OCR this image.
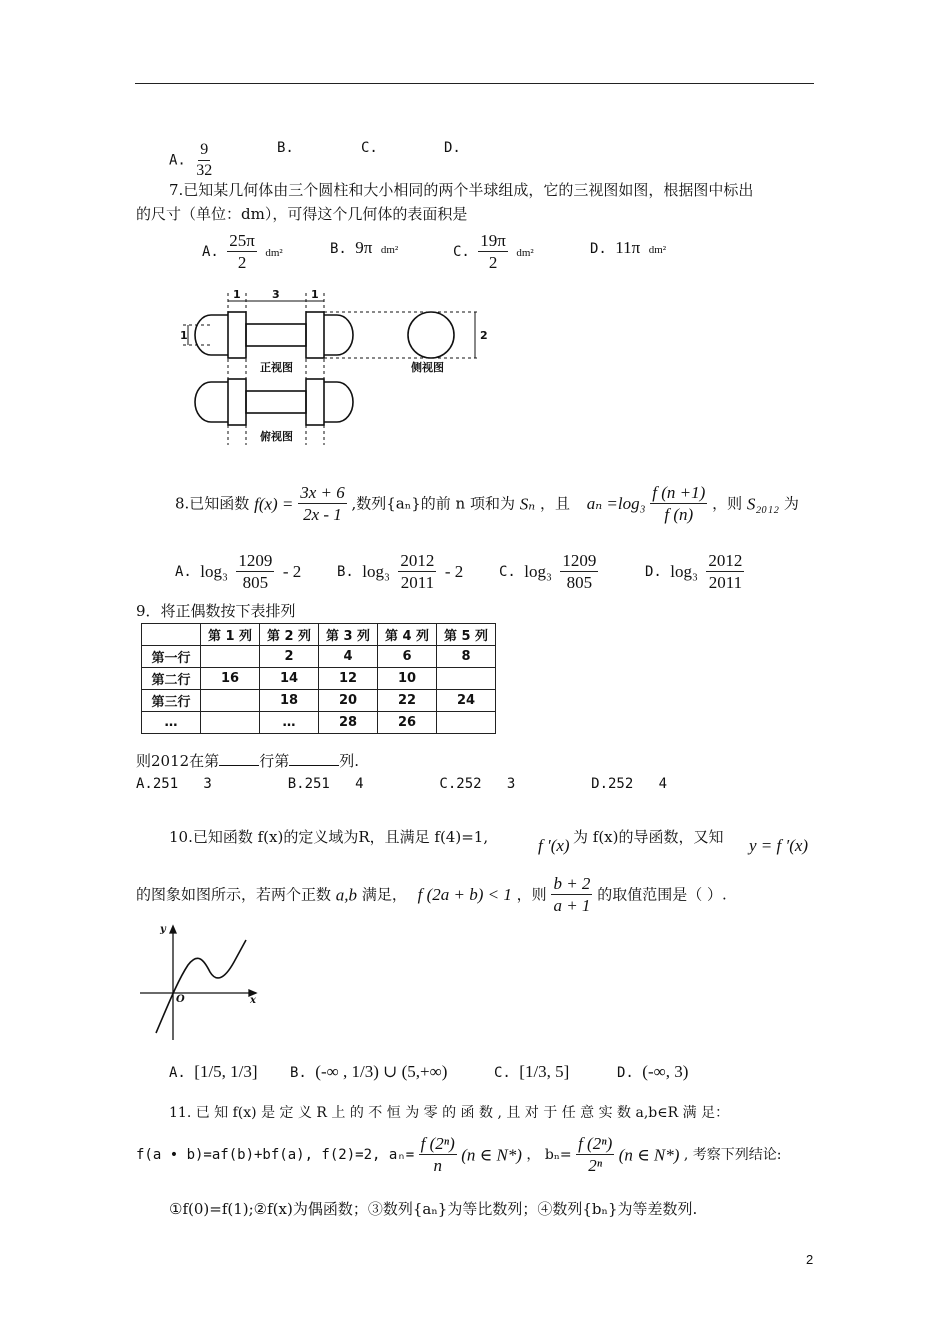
A. $\frac{9}{32}$	B.	C.	D.
7.已知某几何体由三个圆柱和大小相同的两个半球组成，它的三视图如图，根据图中标出
的尺寸（单位：dm），可得这个几何体的表面积是
A. $\frac{25\pi}{2} dm^2$	B. 9π dm²	C. $\frac{19\pi}{2} dm^2$	D. 11π dm²
1	3	1
1	2
正视图	侧视图
俯视图
8.已知函数 $f(x) = \frac{3x + 6}{2x - 1}$ ,数列{aₙ}的前 n 项和为 Sₙ ，且 $a_n =\log_3 \frac{f (n +1)}{f (n)}$ ，则 S₂₀₁₂ 为
A. $\log_3 \frac{1209}{805} - 2$	B. $\log_3 \frac{2012}{2011} - 2$	C. $\log_3 \frac{1209}{805}$	D. $\log_3 \frac{2012}{2011}$
9．将正偶数按下表排列
	第 1 列	第 2 列	第 3 列	第 4 列	第 5 列
第一行		2	4	6	8
第二行	16	14	12	10	
第三行		18	20	22	24
…		…	28	26	
则2012在第	行第	列.
A.251   3         B.251   4         C.252   3         D.252   4
10.已知函数 f(x)的定义域为R，且满足 f(4)=1,	f ′(x) 为 f(x)的导函数，又知 y = f ′(x)
的图象如图所示，若两个正数 a,b 满足， f (2a + b) < 1 ，则 $\frac{b + 2}{a + 1}$ 的取值范围是（ ）.
y
x
O
A. [1/5, 1/3] B. (-∞ , 1/3) ∪ (5,+∞)	C. [1/3, 5]	D. (-∞, 3)
11. 已 知 f(x) 是 定 义 R 上 的 不 恒 为 零 的 函 数 , 且 对 于 任 意 实 数 a,b∈R 满 足：
f(a • b)=af(b)+bf(a), f(2)=2, $a_n= \frac{\text{f (2ⁿ)}}{n} (n$ ∈ N*) ， $b_n= \frac{\text{f (2ⁿ)}}{\text{2ⁿ}} (n$ ∈ N*) , 考察下列结论:
①f(0)=f(1);②f(x)为偶函数；③数列{aₙ}为等比数列；④数列{bₙ}为等差数列.
2
